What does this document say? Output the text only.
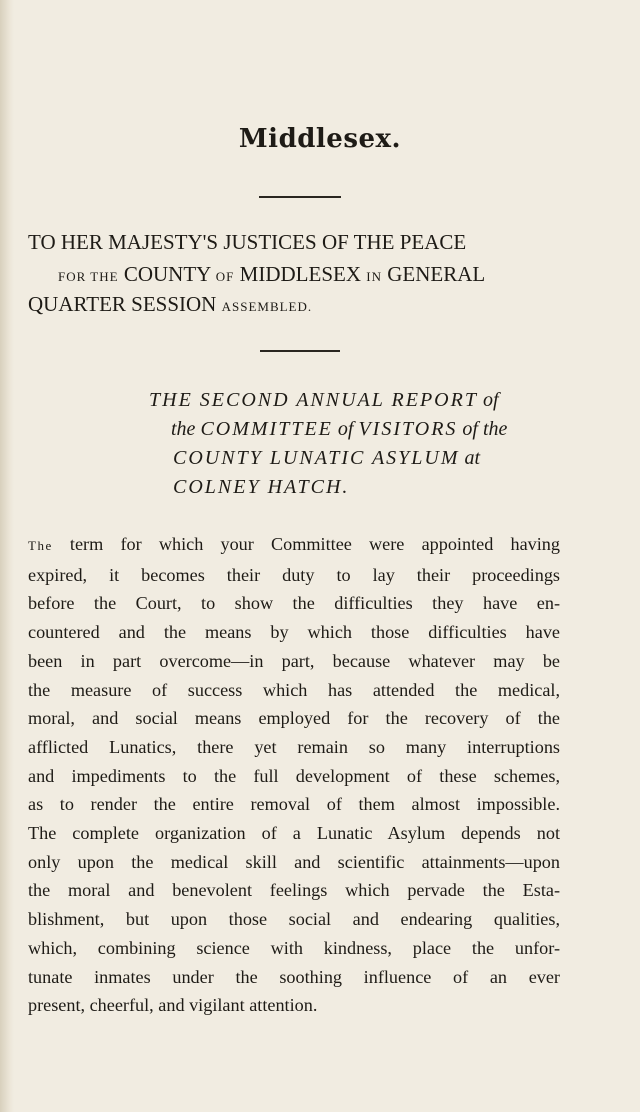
Middlesex.
TO HER MAJESTY'S JUSTICES OF THE PEACE
FOR THE COUNTY OF MIDDLESEX IN GENERAL
QUARTER SESSION ASSEMBLED.
THE SECOND ANNUAL REPORT of
the COMMITTEE of VISITORS of the
COUNTY LUNATIC ASYLUM at
COLNEY HATCH.
The term for which your Committee were appointed having
expired, it becomes their duty to lay their proceedings
before the Court, to show the difficulties they have en-
countered and the means by which those difficulties have
been in part overcome—in part, because whatever may be
the measure of success which has attended the medical,
moral, and social means employed for the recovery of the
afflicted Lunatics, there yet remain so many interruptions
and impediments to the full development of these schemes,
as to render the entire removal of them almost impossible.
The complete organization of a Lunatic Asylum depends not
only upon the medical skill and scientific attainments—upon
the moral and benevolent feelings which pervade the Esta-
blishment, but upon those social and endearing qualities,
which, combining science with kindness, place the unfor-
tunate inmates under the soothing influence of an ever
present, cheerful, and vigilant attention.
